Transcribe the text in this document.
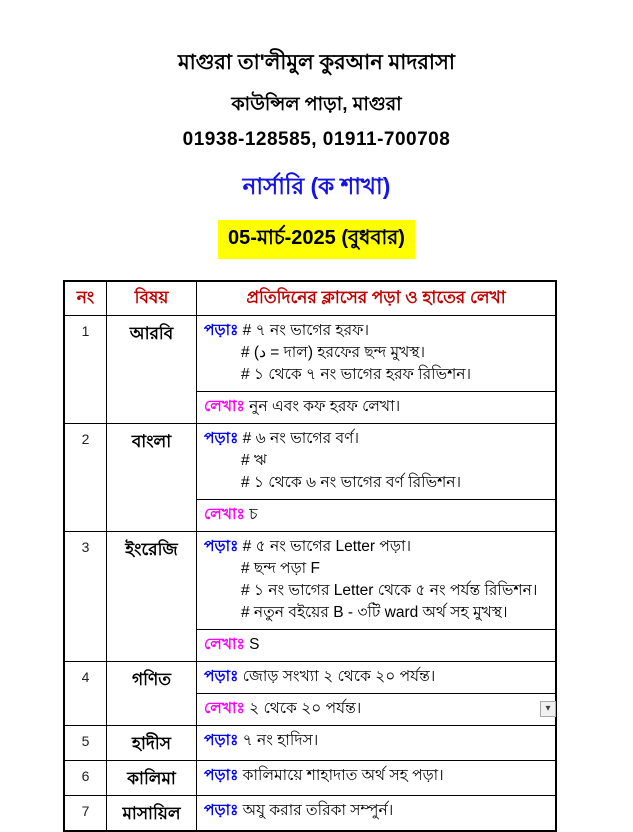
মাগুরা তা'লীমুল কুরআন মাদরাসা
কাউন্সিল পাড়া, মাগুরা
01938-128585, 01911-700708
নার্সারি (ক শাখা)
05-মার্চ-2025 (বুধবার)
নং	বিষয়	প্রতিদিনের ক্লাসের পড়া ও হাতের লেখা
1	আরবি	পড়াঃ # ৭ নং ভাগের হরফ।
# (د = দাল) হরফের ছন্দ মুখস্থ।
# ১ থেকে ৭ নং ভাগের হরফ রিভিশন।
লেখাঃ নুন এবং কফ হরফ লেখা।

2	বাংলা	পড়াঃ # ৬ নং ভাগের বর্ণ।
# ঋ
# ১ থেকে ৬ নং ভাগের বর্ণ রিভিশন।
লেখাঃ চ

3	ইংরেজি	পড়াঃ # ৫ নং ভাগের Letter পড়া।
# ছন্দ পড়া F
# ১ নং ভাগের Letter থেকে ৫ নং পর্যন্ত রিভিশন।
# নতুন বইয়ের B - ৩টি ward অর্থ সহ মুখস্থ।
লেখাঃ S

4	গণিত	পড়াঃ জোড় সংখ্যা ২ থেকে ২০ পর্যন্ত।
লেখাঃ ২ থেকে ২০ পর্যন্ত।

5	হাদীস	পড়াঃ ৭ নং হাদিস।

6	কালিমা	পড়াঃ কালিমায়ে শাহাদাত অর্থ সহ পড়া।

7	মাসায়িল	পড়াঃ অযু করার তরিকা সম্পুর্ন।
▾
